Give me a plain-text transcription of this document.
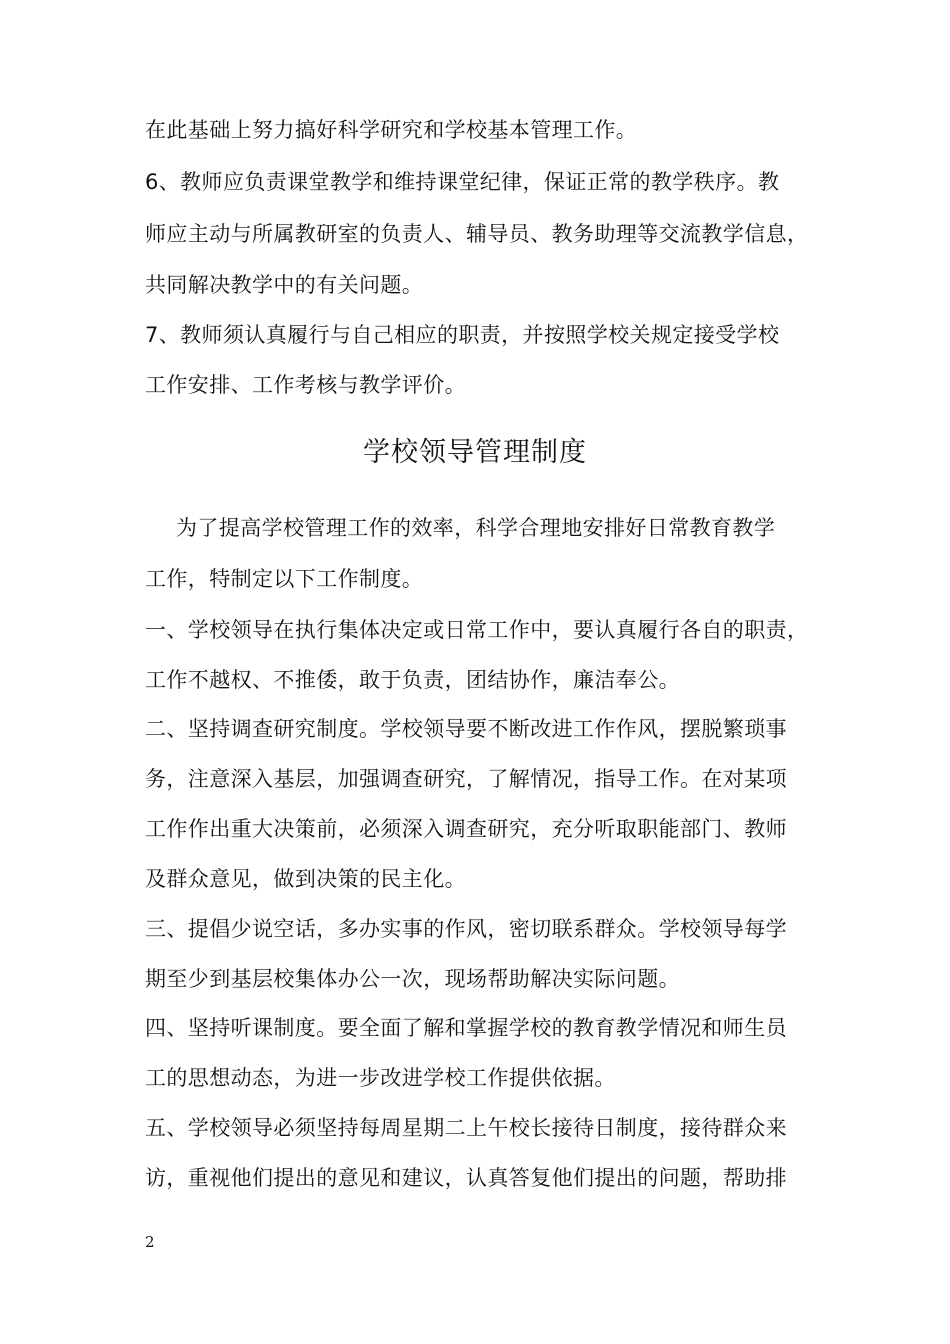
在此基础上努力搞好科学研究和学校基本管理工作。
6、教师应负责课堂教学和维持课堂纪律，保证正常的教学秩序。教
师应主动与所属教研室的负责人、辅导员、教务助理等交流教学信息，
共同解决教学中的有关问题。
7、教师须认真履行与自己相应的职责，并按照学校关规定接受学校
工作安排、工作考核与教学评价。
学校领导管理制度
为了提高学校管理工作的效率，科学合理地安排好日常教育教学
工作，特制定以下工作制度。
一、学校领导在执行集体决定或日常工作中，要认真履行各自的职责，
工作不越权、不推倭，敢于负责，团结协作，廉洁奉公。
二、坚持调查研究制度。学校领导要不断改进工作作风，摆脱繁琐事
务，注意深入基层，加强调查研究，了解情况，指导工作。在对某项
工作作出重大决策前，必须深入调查研究，充分听取职能部门、教师
及群众意见，做到决策的民主化。
三、提倡少说空话，多办实事的作风，密切联系群众。学校领导每学
期至少到基层校集体办公一次，现场帮助解决实际问题。
四、坚持听课制度。要全面了解和掌握学校的教育教学情况和师生员
工的思想动态，为进一步改进学校工作提供依据。
五、学校领导必须坚持每周星期二上午校长接待日制度，接待群众来
访，重视他们提出的意见和建议，认真答复他们提出的问题，帮助排
2
